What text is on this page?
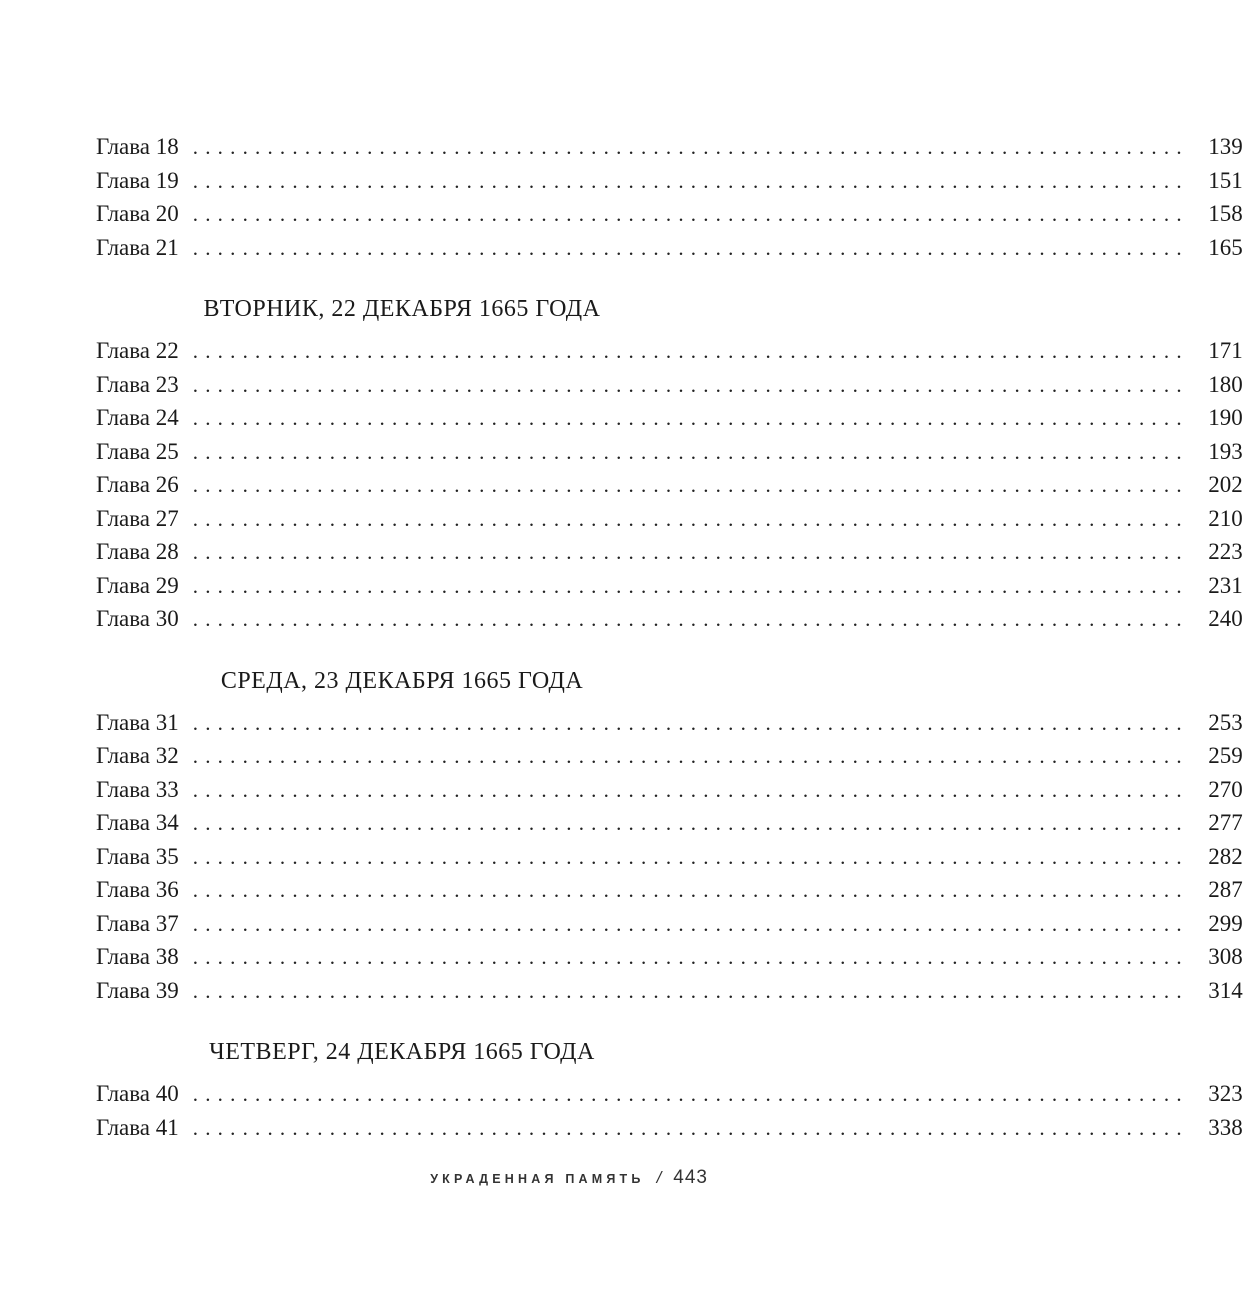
Глава 18 ................................................................................ 139
Глава 19 ................................................................................ 151
Глава 20 ................................................................................ 158
Глава 21 ................................................................................ 165
ВТОРНИК, 22 ДЕКАБРЯ 1665 ГОДА
Глава 22 ................................................................................ 171
Глава 23 ................................................................................ 180
Глава 24 ................................................................................ 190
Глава 25 ................................................................................ 193
Глава 26 ................................................................................ 202
Глава 27 ................................................................................ 210
Глава 28 ................................................................................ 223
Глава 29 ................................................................................ 231
Глава 30 ................................................................................ 240
СРЕДА, 23 ДЕКАБРЯ 1665 ГОДА
Глава 31 ................................................................................ 253
Глава 32 ................................................................................ 259
Глава 33 ................................................................................ 270
Глава 34 ................................................................................ 277
Глава 35 ................................................................................ 282
Глава 36 ................................................................................ 287
Глава 37 ................................................................................ 299
Глава 38 ................................................................................ 308
Глава 39 ................................................................................ 314
ЧЕТВЕРГ, 24 ДЕКАБРЯ 1665 ГОДА
Глава 40 ................................................................................ 323
Глава 41 ................................................................................ 338
УКРАДЕННАЯ ПАМЯТЬ / 443
